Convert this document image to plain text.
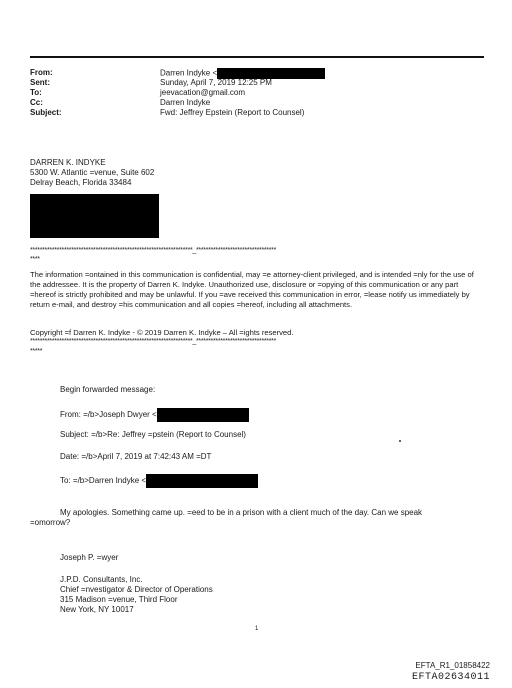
From:	Darren Indyke <
Sent:	Sunday, April 7, 2019 12:25 PM
To:	jeevacation@gmail.com
Cc:	Darren Indyke
Subject:	Fwd: Jeffrey Epstein (Report to Counsel)
DARREN K. INDYKE
5300 W. Atlantic =venue, Suite 602
Delray Beach, Florida 33484
*******************************************************************_*********************************
****
The information =ontained in this communication is confidential, may =e attorney-client privileged, and is intended =nly for the use of the addressee. It is the property of Darren K. Indyke. Unauthorized use, disclosure or =opying of this communication or any part =hereof is strictly prohibited and may be unlawful. If you =ave received this communication in error, =lease notify us immediately by return e-mail, and destroy =his communication and all copies =hereof, including all attachments.
Copyright =f Darren K. Indyke - © 2019 Darren K. Indyke – All =ights reserved.
*******************************************************************_*********************************
*****
Begin forwarded message:
From: =/b>Joseph Dwyer <
Subject: =/b>Re: Jeffrey =pstein (Report to Counsel)
Date: =/b>April 7, 2019 at 7:42:43 AM =DT
To: =/b>Darren Indyke <
My apologies. Something came up. =eed to be in a prison with a client much of the day. Can we speak
=omorrow?
Joseph P. =wyer
J.P.D. Consultants, Inc.
Chief =nvestigator & Director of Operations
315 Madison =venue, Third Floor
New York, NY 10017
1
EFTA_R1_01858422
EFTA02634011
